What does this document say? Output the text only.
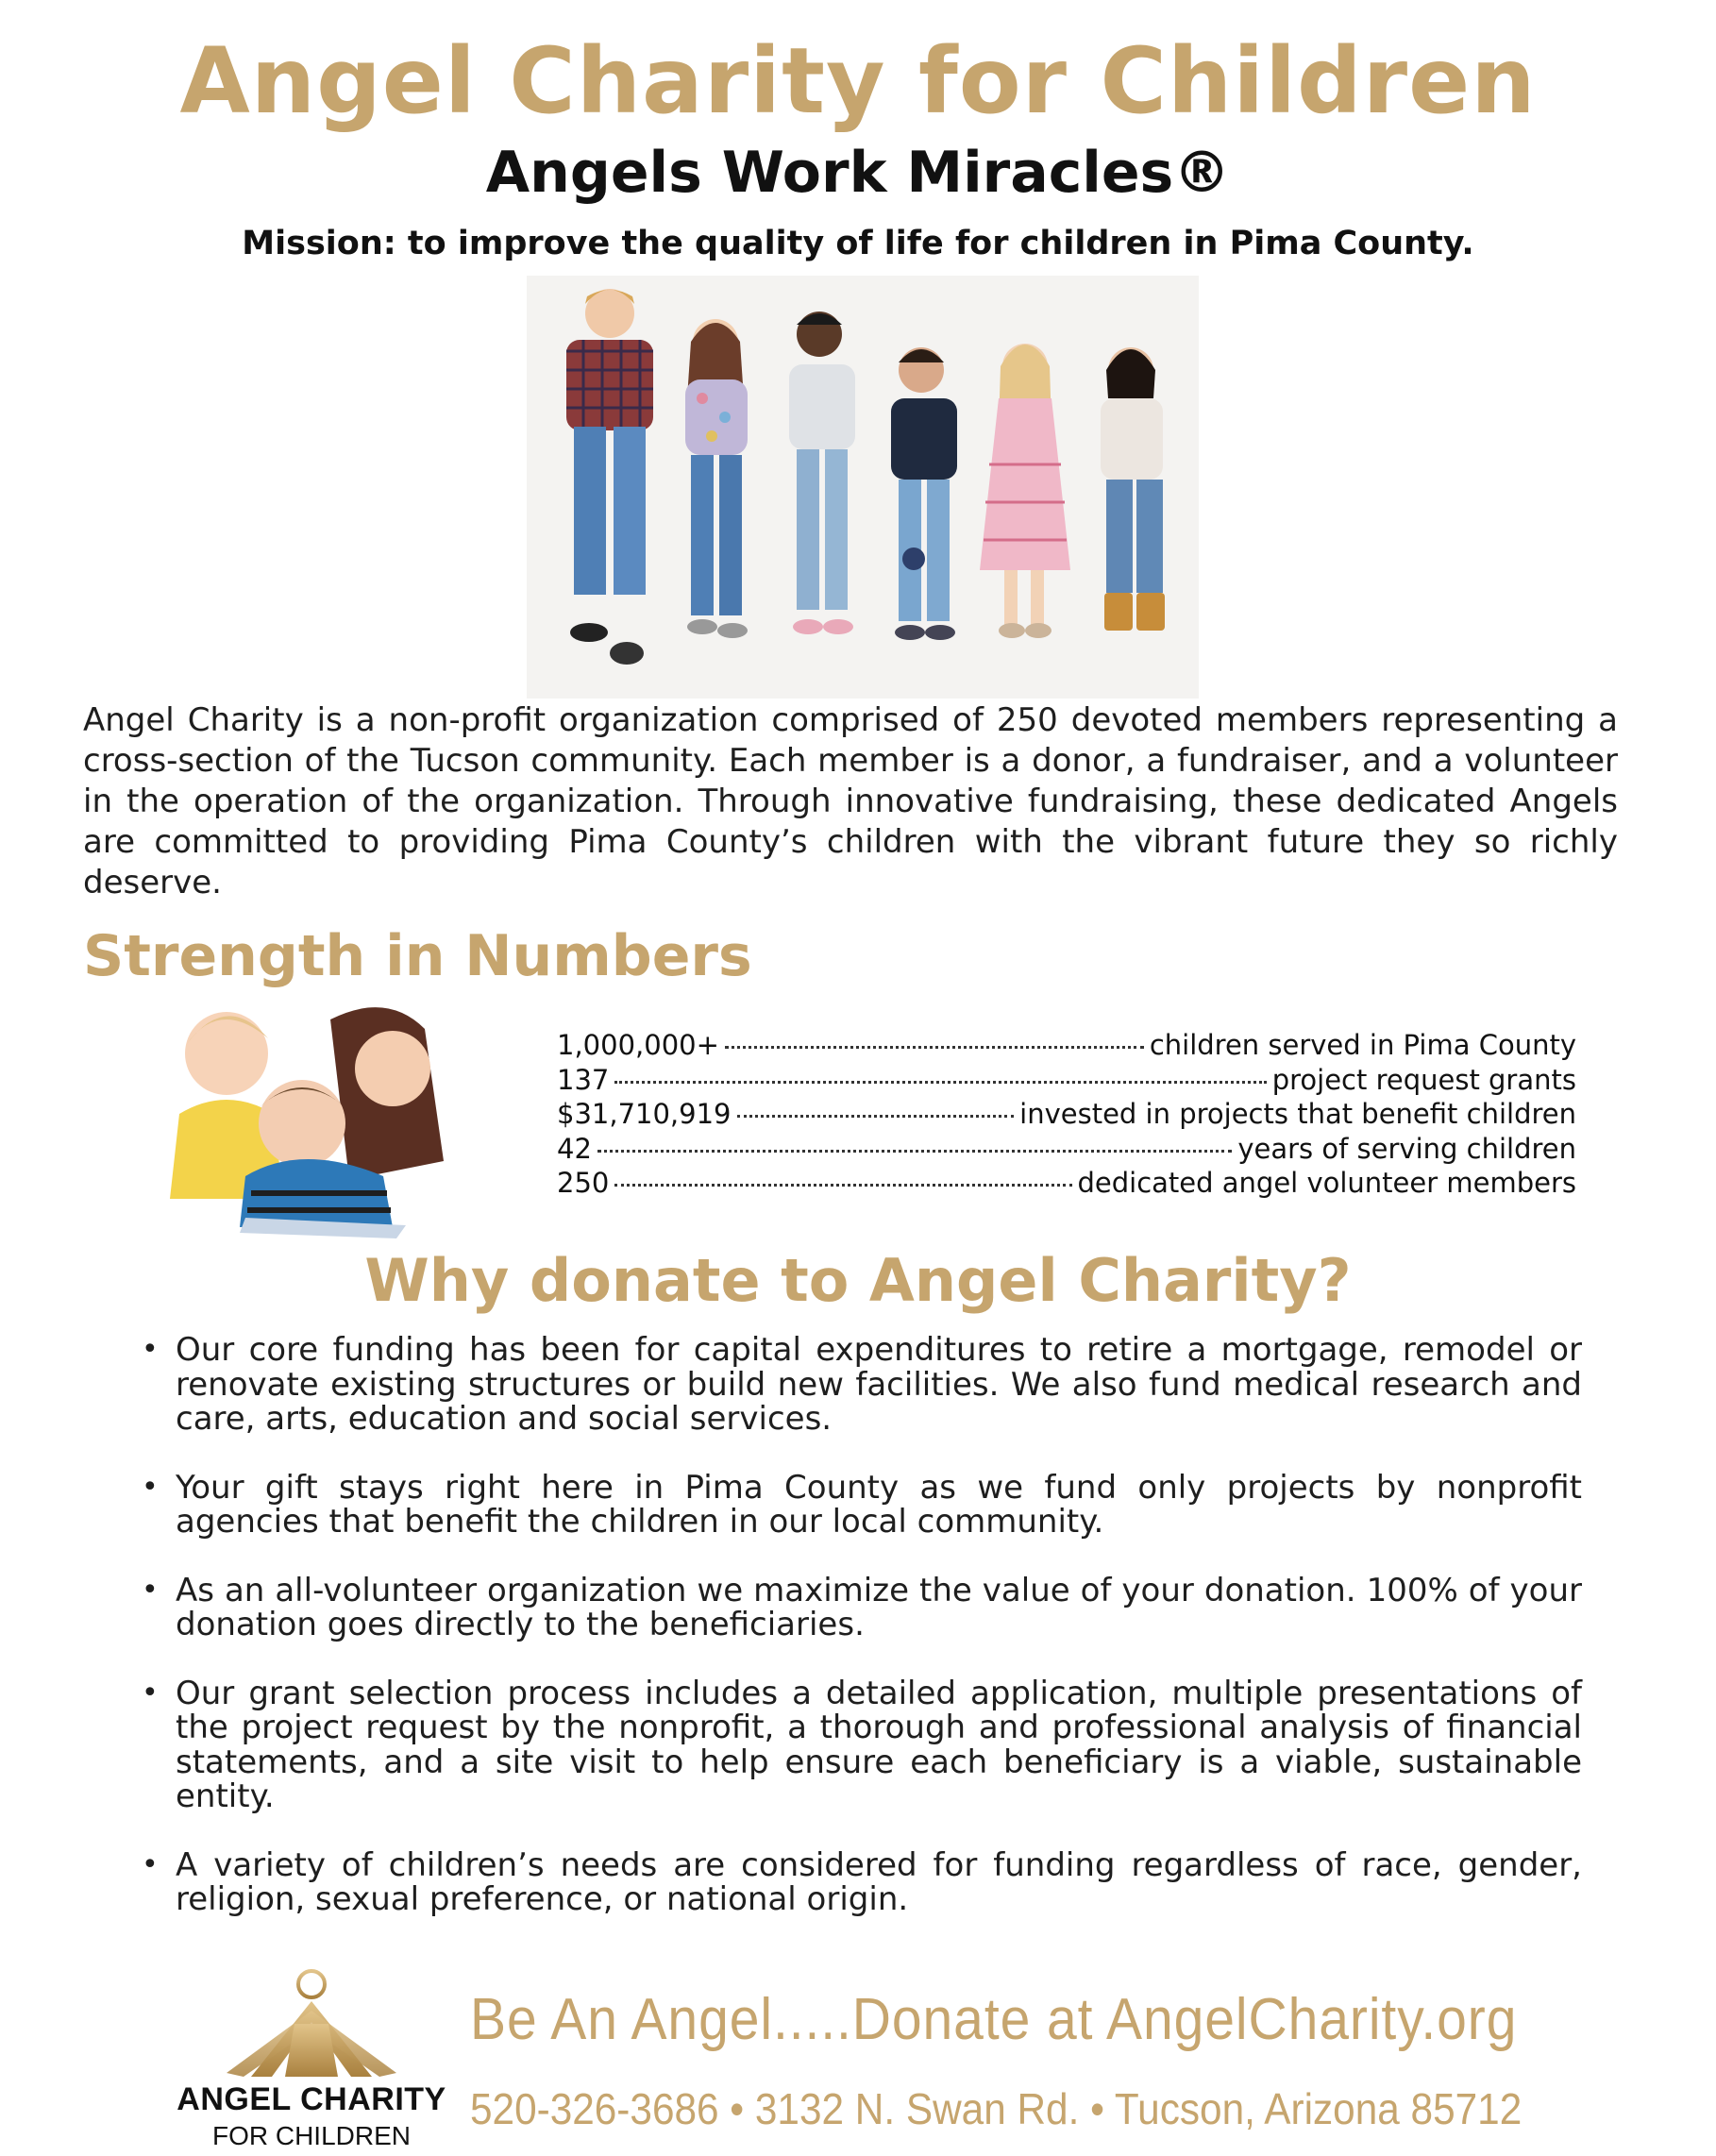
Angel Charity for Children
Angels Work Miracles®
Mission: to improve the quality of life for children in Pima County.
Angel Charity is a non-profit organization comprised of 250 devoted members representing a cross-section of the Tucson community. Each member is a donor, a fundraiser, and a volunteer in the operation of the organization. Through innovative fundraising, these dedicated Angels are committed to providing Pima County’s children with the vibrant future they so richly deserve.
Strength in Numbers
1,000,000+	children served in Pima County
137	project request grants
$31,710,919	invested in projects that benefit children
42	years of serving children
250	dedicated angel volunteer members
Why donate to Angel Charity?
• Our core funding has been for capital expenditures to retire a mortgage, remodel or renovate existing structures or build new facilities. We also fund medical research and care, arts, education and social services.
• Your gift stays right here in Pima County as we fund only projects by nonprofit agencies that benefit the children in our local community.
• As an all-volunteer organization we maximize the value of your donation. 100% of your donation goes directly to the beneficiaries.
• Our grant selection process includes a detailed application, multiple presentations of the project request by the nonprofit, a thorough and professional analysis of financial statements, and a site visit to help ensure each beneficiary is a viable, sustainable entity.
• A variety of children’s needs are considered for funding regardless of race, gender, religion, sexual preference, or national origin.
ANGEL CHARITY
FOR CHILDREN
Be An Angel.....Donate at AngelCharity.org
520-326-3686 • 3132 N. Swan Rd. • Tucson, Arizona 85712
